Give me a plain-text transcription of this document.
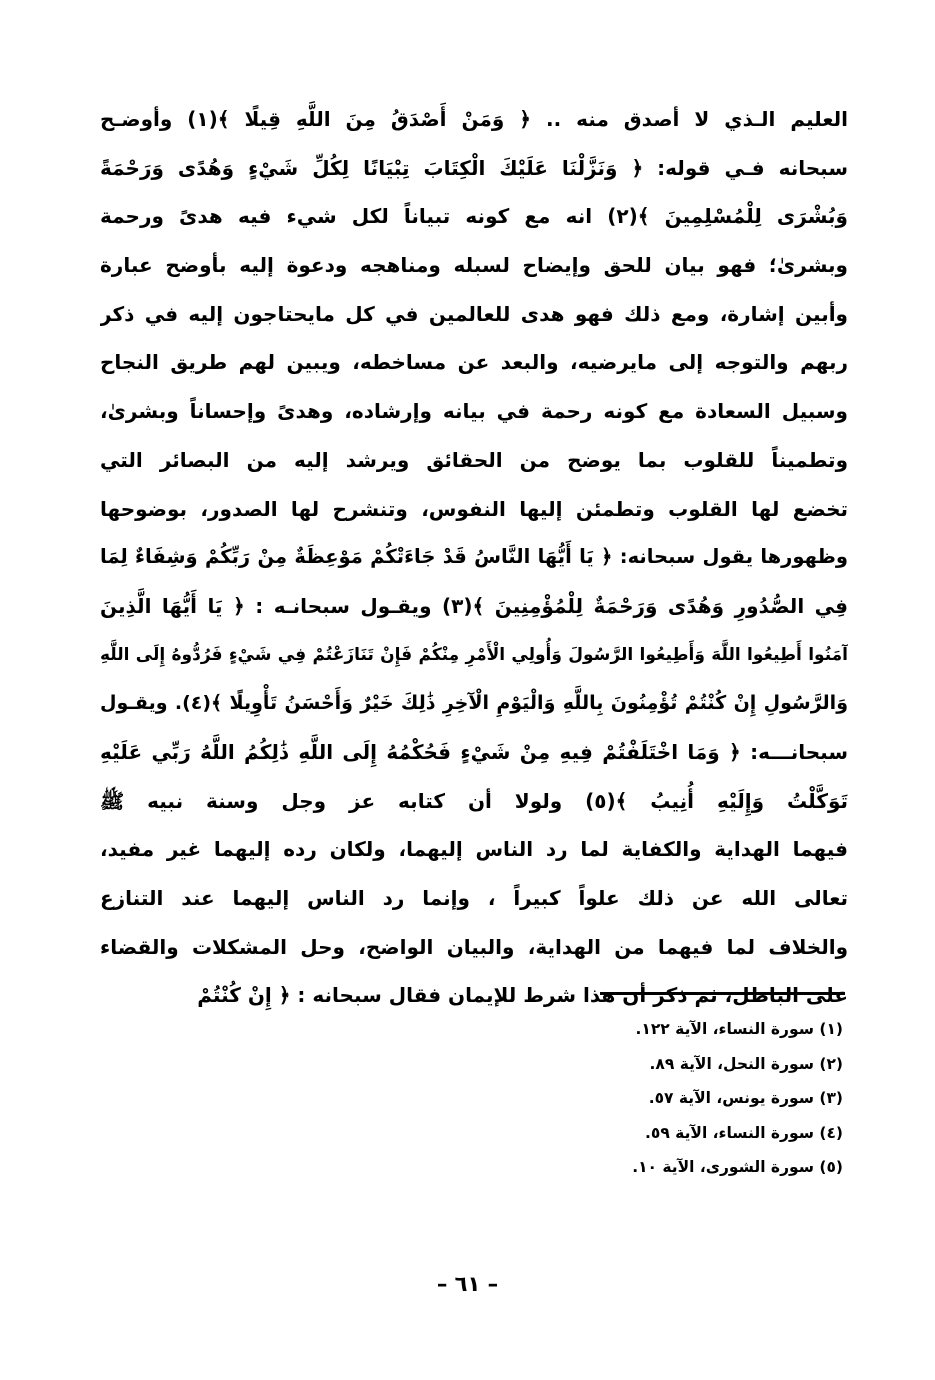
العليم الـذي لا أصدق منه .. ﴿ وَمَنْ أَصْدَقُ مِنَ اللَّهِ قِيلًا ﴾(١) وأوضـح
سبحانه فـي قوله: ﴿ وَنَزَّلْنَا عَلَيْكَ الْكِتَابَ تِبْيَانًا لِكُلِّ شَيْءٍ وَهُدًى وَرَحْمَةً
وَبُشْرَى لِلْمُسْلِمِينَ ﴾(٢) انه مع كونه تبياناً لكل شيء فيه هدىً ورحمة
وبشرىٰ؛ فهو بيان للحق وإيضاح لسبله ومناهجه ودعوة إليه بأوضح عبارة
وأبين إشارة، ومع ذلك فهو هدى للعالمين في كل مايحتاجون إليه في ذكر
ربهم والتوجه إلى مايرضيه، والبعد عن مساخطه، ويبين لهم طريق النجاح
وسبيل السعادة مع كونه رحمة في بيانه وإرشاده، وهدىً وإحساناً وبشرىٰ،
وتطميناً للقلوب بما يوضح من الحقائق ويرشد إليه من البصائر التي
تخضع لها القلوب وتطمئن إليها النفوس، وتنشرح لها الصدور، بوضوحها
وظهورها يقول سبحانه: ﴿ يَا أَيُّهَا النَّاسُ قَدْ جَاءَتْكُمْ مَوْعِظَةٌ مِنْ رَبِّكُمْ وَشِفَاءٌ لِمَا
فِي الصُّدُورِ وَهُدًى وَرَحْمَةٌ لِلْمُؤْمِنِينَ ﴾(٣) ويقـول سبحانـه : ﴿ يَا أَيُّهَا الَّذِينَ
آمَنُوا أَطِيعُوا اللَّهَ وَأَطِيعُوا الرَّسُولَ وَأُولِي الْأَمْرِ مِنْكُمْ فَإِنْ تَنَازَعْتُمْ فِي شَيْءٍ فَرُدُّوهُ إِلَى اللَّهِ
وَالرَّسُولِ إِنْ كُنْتُمْ تُؤْمِنُونَ بِاللَّهِ وَالْيَوْمِ الْآخِرِ ذَٰلِكَ خَيْرٌ وَأَحْسَنُ تَأْوِيلًا ﴾(٤). ويقـول
سبحانـــه: ﴿ وَمَا اخْتَلَفْتُمْ فِيهِ مِنْ شَيْءٍ فَحُكْمُهُ إِلَى اللَّهِ ذَٰلِكُمُ اللَّهُ رَبِّي عَلَيْهِ
تَوَكَّلْتُ وَإِلَيْهِ أُنِيبُ ﴾(٥) ولولا أن كتابه عز وجل وسنة نبيه ﷺ
فيهما الهداية والكفاية لما رد الناس إليهما، ولكان رده إليهما غير مفيد،
تعالى الله عن ذلك علواً كبيراً ، وإنما رد الناس إليهما عند التنازع
والخلاف لما فيهما من الهداية، والبيان الواضح، وحل المشكلات والقضاء
على الباطل، ثم ذكر أن هذا شرط للإيمان فقال سبحانه : ﴿ إِنْ كُنْتُمْ
(١) سورة النساء، الآية ١٢٢.
(٢) سورة النحل، الآية ٨٩.
(٣) سورة يونس، الآية ٥٧.
(٤) سورة النساء، الآية ٥٩.
(٥) سورة الشورى، الآية ١٠.
– ٦١ –
